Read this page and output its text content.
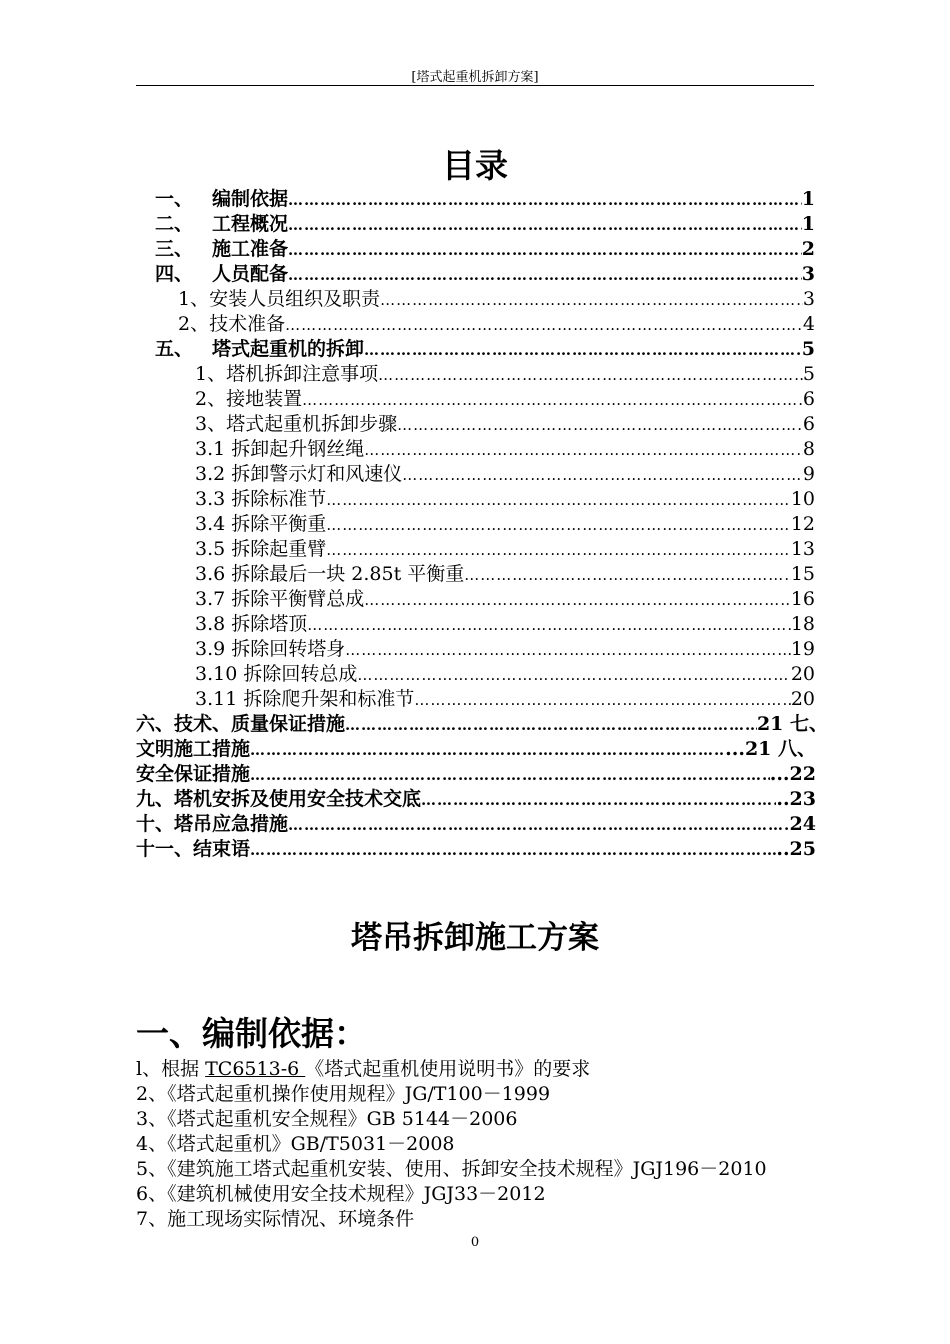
[塔式起重机拆卸方案]
目录
一、 编制依据 …………………………………………………………………………………………………………………………………………………………	1
二、 工程概况 …………………………………………………………………………………………………………………………………………………………	1
三、 施工准备 …………………………………………………………………………………………………………………………………………………………	2
四、 人员配备 …………………………………………………………………………………………………………………………………………………………	3
1、安装人员组织及职责 …………………………………………………………………………………………………………………………………………………………	3
2、技术准备 …………………………………………………………………………………………………………………………………………………………	4
五、 塔式起重机的拆卸 …………………………………………………………………………………………………………………………………………………………	5
1、塔机拆卸注意事项 …………………………………………………………………………………………………………………………………………………………	5
2、接地装置 …………………………………………………………………………………………………………………………………………………………	6
3、塔式起重机拆卸步骤 …………………………………………………………………………………………………………………………………………………………	6
3.1 拆卸起升钢丝绳 …………………………………………………………………………………………………………………………………………………………	8
3.2 拆卸警示灯和风速仪 …………………………………………………………………………………………………………………………………………………………	9
3.3 拆除标准节 …………………………………………………………………………………………………………………………………………………………	10
3.4 拆除平衡重 …………………………………………………………………………………………………………………………………………………………	12
3.5 拆除起重臂 …………………………………………………………………………………………………………………………………………………………	13
3.6 拆除最后一块 2.85t 平衡重 …………………………………………………………………………………………………………………………………………………………	15
3.7 拆除平衡臂总成 …………………………………………………………………………………………………………………………………………………………	16
3.8 拆除塔顶 …………………………………………………………………………………………………………………………………………………………	18
3.9 拆除回转塔身 …………………………………………………………………………………………………………………………………………………………	19
3.10 拆除回转总成 …………………………………………………………………………………………………………………………………………………………	20
3.11 拆除爬升架和标准节 …………………………………………………………………………………………………………………………………………………………	20
六、技术、质量保证措施 …………………………………………………………………………………………………………………………………………………………	21 七、
文明施工措施 …………………………………………………………………………………………………………………………………………………………	...21 八、
安全保证措施 …………………………………………………………………………………………………………………………………………………………	...22
九、塔机安拆及使用安全技术交底 …………………………………………………………………………………………………………………………………………………………	..23
十、塔吊应急措施 …………………………………………………………………………………………………………………………………………………………	24
十一、结束语 …………………………………………………………………………………………………………………………………………………………	..25
塔吊拆卸施工方案
一、编制依据：
l、根据 TC6513-6 《塔式起重机使用说明书》的要求
2、《塔式起重机操作使用规程》JG/T100－1999
3、《塔式起重机安全规程》GB 5144－2006
4、《塔式起重机》GB/T5031－2008
5、《建筑施工塔式起重机安装、使用、拆卸安全技术规程》JGJ196－2010
6、《建筑机械使用安全技术规程》JGJ33－2012
7、施工现场实际情况、环境条件
0
